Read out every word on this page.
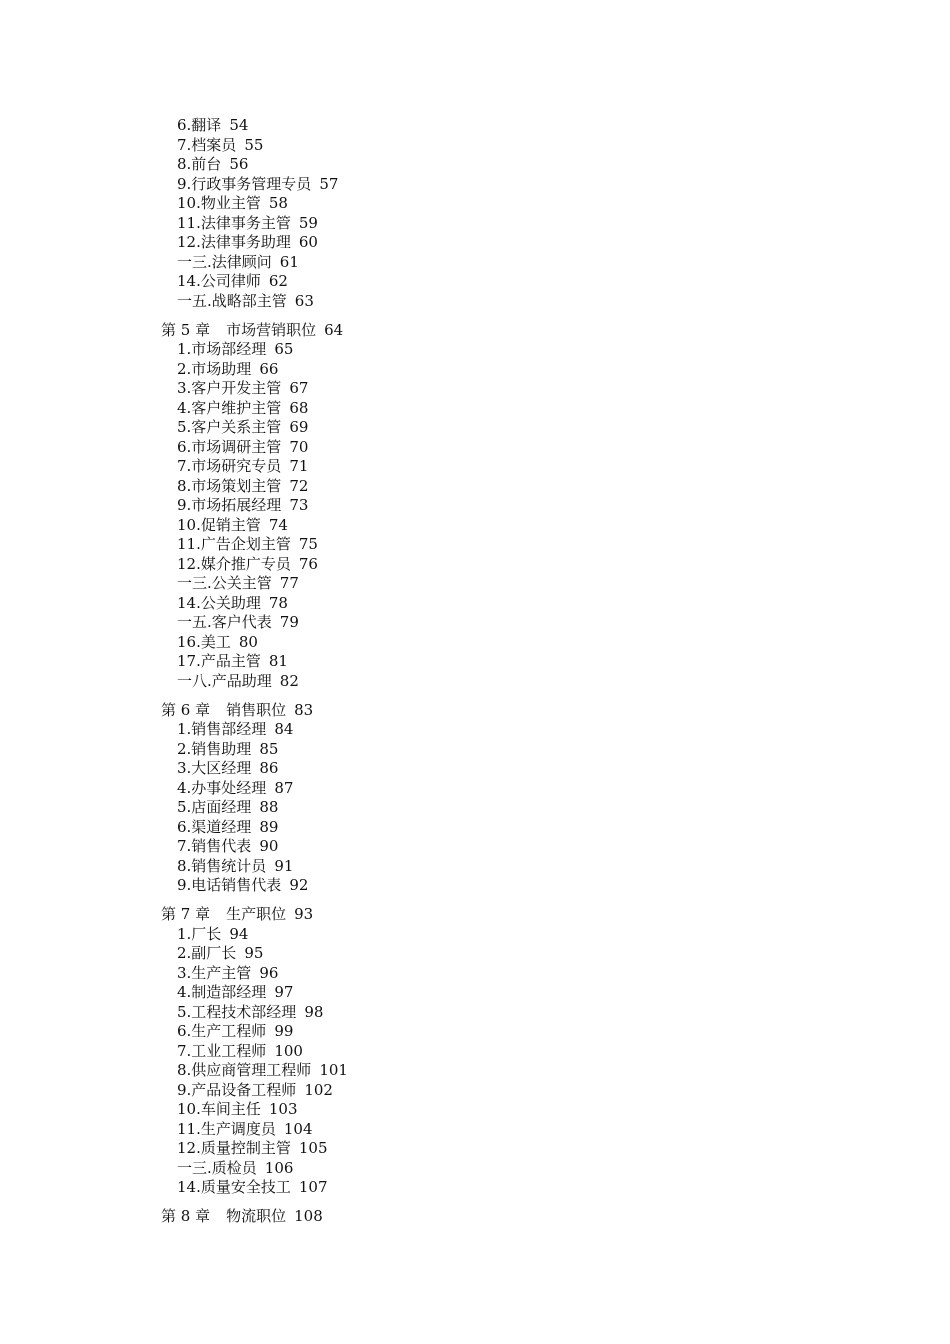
6.翻译 54
7.档案员 55
8.前台 56
9.行政事务管理专员 57
10.物业主管 58
11.法律事务主管 59
12.法律事务助理 60
一三.法律顾问 61
14.公司律师 62
一五.战略部主管 63
第 5 章 市场营销职位 64
1.市场部经理 65
2.市场助理 66
3.客户开发主管 67
4.客户维护主管 68
5.客户关系主管 69
6.市场调研主管 70
7.市场研究专员 71
8.市场策划主管 72
9.市场拓展经理 73
10.促销主管 74
11.广告企划主管 75
12.媒介推广专员 76
一三.公关主管 77
14.公关助理 78
一五.客户代表 79
16.美工 80
17.产品主管 81
一八.产品助理 82
第 6 章 销售职位 83
1.销售部经理 84
2.销售助理 85
3.大区经理 86
4.办事处经理 87
5.店面经理 88
6.渠道经理 89
7.销售代表 90
8.销售统计员 91
9.电话销售代表 92
第 7 章 生产职位 93
1.厂长 94
2.副厂长 95
3.生产主管 96
4.制造部经理 97
5.工程技术部经理 98
6.生产工程师 99
7.工业工程师 100
8.供应商管理工程师 101
9.产品设备工程师 102
10.车间主任 103
11.生产调度员 104
12.质量控制主管 105
一三.质检员 106
14.质量安全技工 107
第 8 章 物流职位 108
